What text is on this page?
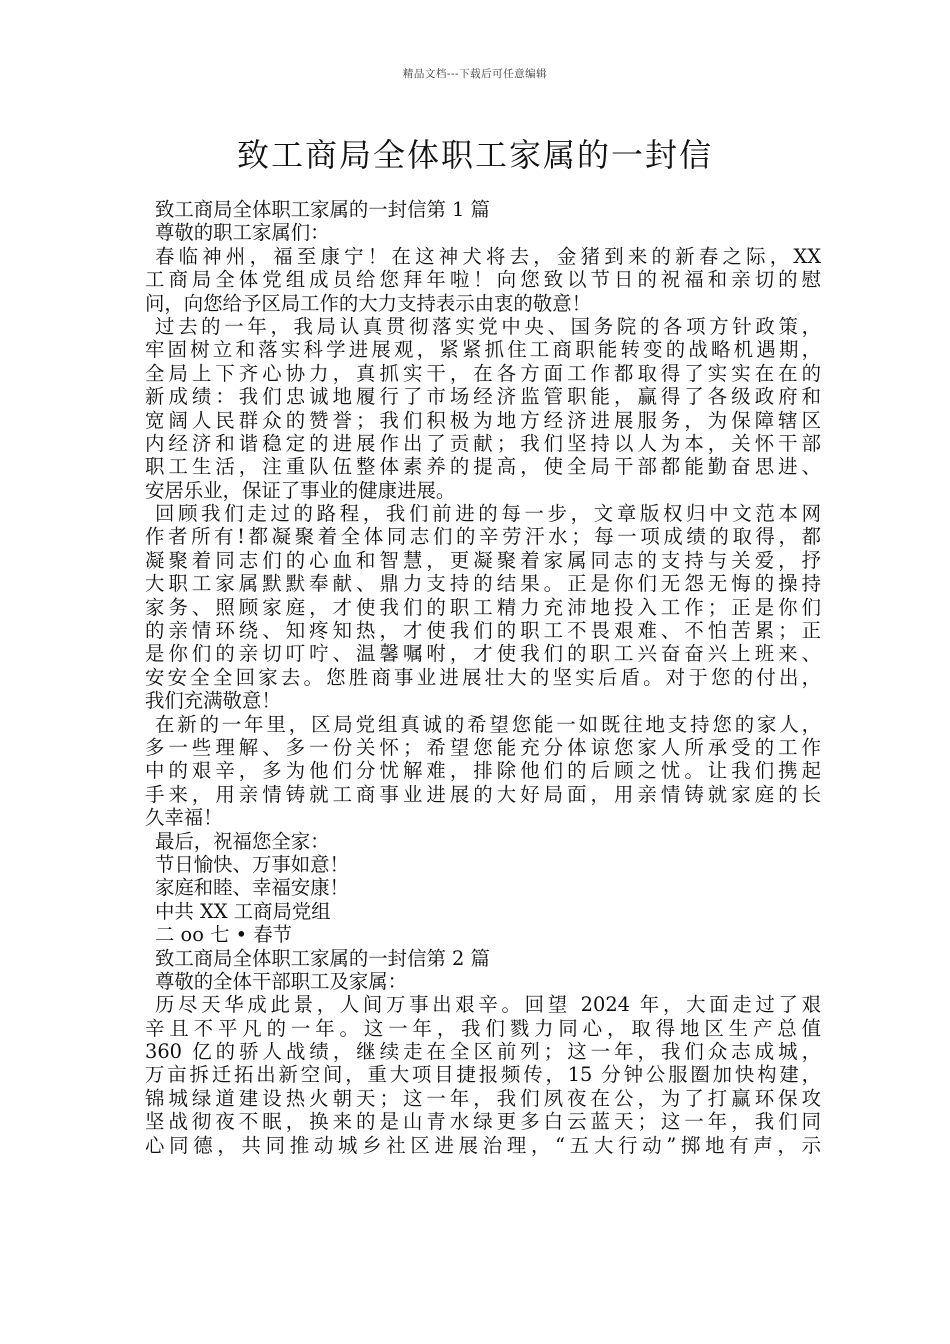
精品文档---下载后可任意编辑
致工商局全体职工家属的一封信
致工商局全体职工家属的一封信第 1 篇
尊敬的职工家属们：
春临神州，福至康宁！在这神犬将去，金猪到来的新春之际，XX
工商局全体党组成员给您拜年啦！向您致以节日的祝福和亲切的慰
问，向您给予区局工作的大力支持表示由衷的敬意！
过去的一年，我局认真贯彻落实党中央、国务院的各项方针政策，
牢固树立和落实科学进展观，紧紧抓住工商职能转变的战略机遇期，
全局上下齐心协力，真抓实干，在各方面工作都取得了实实在在的
新成绩：我们忠诚地履行了市场经济监管职能，赢得了各级政府和
宽阔人民群众的赞誉；我们积极为地方经济进展服务，为保障辖区
内经济和谐稳定的进展作出了贡献；我们坚持以人为本，关怀干部
职工生活，注重队伍整体素养的提高，使全局干部都能勤奋思进、
安居乐业，保证了事业的健康进展。
回顾我们走过的路程，我们前进的每一步，文章版权归中文范本网
作者所有!都凝聚着全体同志们的辛劳汗水；每一项成绩的取得，都
凝聚着同志们的心血和智慧，更凝聚着家属同志的支持与关爱，抒
大职工家属默默奉献、鼎力支持的结果。正是你们无怨无悔的操持
家务、照顾家庭，才使我们的职工精力充沛地投入工作；正是你们
的亲情环绕、知疼知热，才使我们的职工不畏艰难、不怕苦累；正
是你们的亲切叮咛、温馨嘱咐，才使我们的职工兴奋奋兴上班来、
安安全全回家去。您胜商事业进展壮大的坚实后盾。对于您的付出，
我们充满敬意！
在新的一年里，区局党组真诚的希望您能一如既往地支持您的家人，
多一些理解、多一份关怀；希望您能充分体谅您家人所承受的工作
中的艰辛，多为他们分忧解难，排除他们的后顾之忧。让我们携起
手来，用亲情铸就工商事业进展的大好局面，用亲情铸就家庭的长
久幸福！
最后，祝福您全家：
节日愉快、万事如意！
家庭和睦、幸福安康！
中共 XX 工商局党组
二 oo 七 • 春节
致工商局全体职工家属的一封信第 2 篇
尊敬的全体干部职工及家属：
历尽天华成此景，人间万事出艰辛。回望 2024 年，大面走过了艰
辛且不平凡的一年。这一年，我们戮力同心，取得地区生产总值
360 亿的骄人战绩，继续走在全区前列；这一年，我们众志成城，
万亩拆迁拓出新空间，重大项目捷报频传，15 分钟公服圈加快构建，
锦城绿道建设热火朝天；这一年，我们夙夜在公，为了打赢环保攻
坚战彻夜不眠，换来的是山青水绿更多白云蓝天；这一年，我们同
心同德，共同推动城乡社区进展治理，“五大行动”掷地有声，示
